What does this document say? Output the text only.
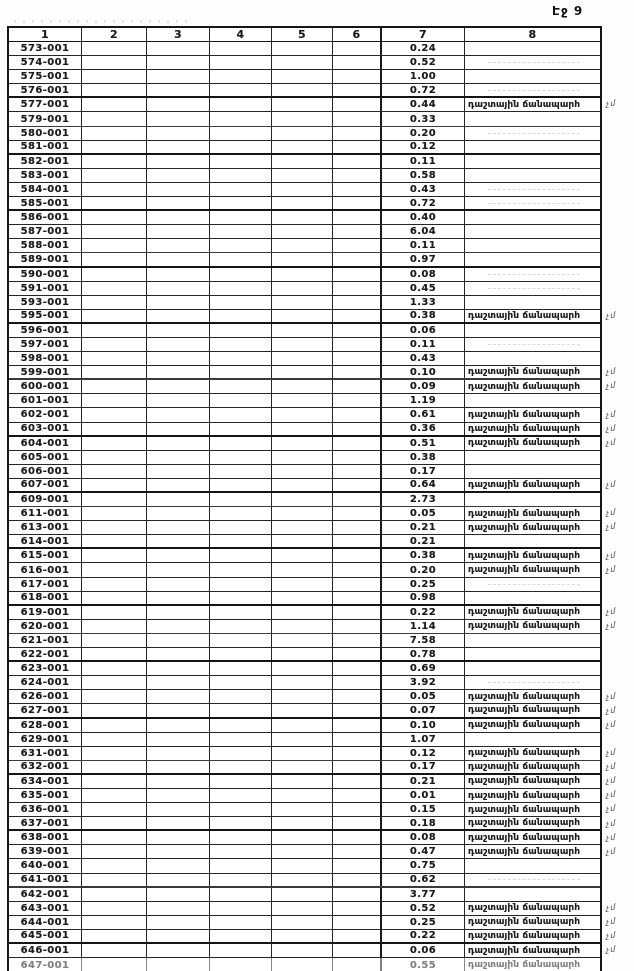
Էջ 9
1	2	3	4	5	6	7	8
573-001	0.24
574-001	0.52
575-001	1.00
576-001	0.72
577-001	0.44	դաշտային ճանապարհ
579-001	0.33
580-001	0.20
581-001	0.12
582-001	0.11
583-001	0.58
584-001	0.43
585-001	0.72
586-001	0.40
587-001	6.04
588-001	0.11
589-001	0.97
590-001	0.08
591-001	0.45
593-001	1.33
595-001	0.38	դաշտային ճանապարհ
596-001	0.06
597-001	0.11
598-001	0.43
599-001	0.10	դաշտային ճանապարհ
600-001	0.09	դաշտային ճանապարհ
601-001	1.19
602-001	0.61	դաշտային ճանապարհ
603-001	0.36	դաշտային ճանապարհ
604-001	0.51	դաշտային ճանապարհ
605-001	0.38
606-001	0.17
607-001	0.64	դաշտային ճանապարհ
609-001	2.73
611-001	0.05	դաշտային ճանապարհ
613-001	0.21	դաշտային ճանապարհ
614-001	0.21
615-001	0.38	դաշտային ճանապարհ
616-001	0.20	դաշտային ճանապարհ
617-001	0.25
618-001	0.98
619-001	0.22	դաշտային ճանապարհ
620-001	1.14	դաշտային ճանապարհ
621-001	7.58
622-001	0.78
623-001	0.69
624-001	3.92
626-001	0.05	դաշտային ճանապարհ
627-001	0.07	դաշտային ճանապարհ
628-001	0.10	դաշտային ճանապարհ
629-001	1.07
631-001	0.12	դաշտային ճանապարհ
632-001	0.17	դաշտային ճանապարհ
634-001	0.21	դաշտային ճանապարհ
635-001	0.01	դաշտային ճանապարհ
636-001	0.15	դաշտային ճանապարհ
637-001	0.18	դաշտային ճանապարհ
638-001	0.08	դաշտային ճանապարհ
639-001	0.47	դաշտային ճանապարհ
640-001	0.75
641-001	0.62
642-001	3.77
643-001	0.52	դաշտային ճանապարհ
644-001	0.25	դաշտային ճանապարհ
645-001	0.22	դաշտային ճանապարհ
646-001	0.06	դաշտային ճանապարհ
647-001	0.55	դաշտային ճանապարհ
չմ
չմ
չմ
չմ
չմ
չմ
չմ
չմ
չմ
չմ
չմ
չմ
չմ
չմ
չմ
չմ
չմ
չմ
չմ
չմ
չմ
չմ
չմ
չմ
չմ
չմ
չմ
չմ
չմ
